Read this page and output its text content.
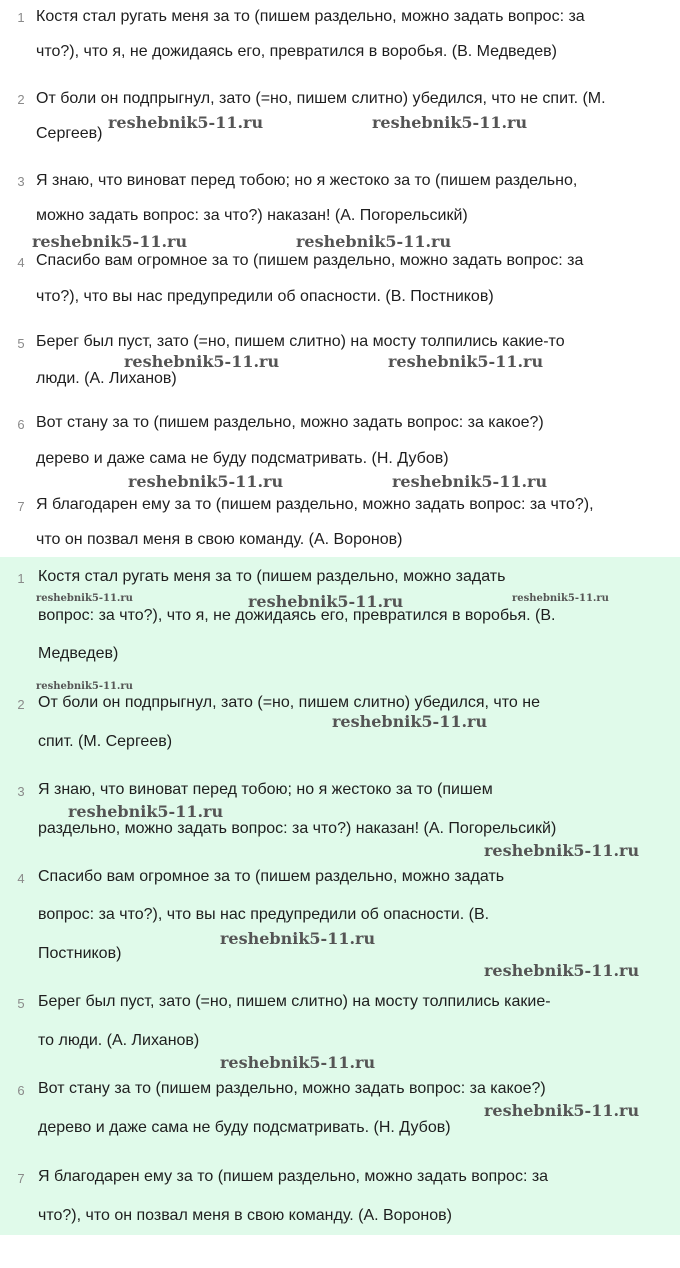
1 Костя стал ругать меня за то (пишем раздельно, можно задать вопрос: за
что?), что я, не дожидаясь его, превратился в воробья. (В. Медведев)
2 От боли он подпрыгнул, зато (=но, пишем слитно) убедился, что не спит. (М.
Сергеев)
3 Я знаю, что виноват перед тобою; но я жестоко за то (пишем раздельно,
можно задать вопрос: за что?) наказан! (А. Погорельсикй)
4 Спасибо вам огромное за то (пишем раздельно, можно задать вопрос: за
что?), что вы нас предупредили об опасности. (В. Постников)
5 Берег был пуст, зато (=но, пишем слитно) на мосту толпились какие-то
люди. (А. Лиханов)
6 Вот стану за то (пишем раздельно, можно задать вопрос: за какое?)
дерево и даже сама не буду подсматривать. (Н. Дубов)
7 Я благодарен ему за то (пишем раздельно, можно задать вопрос: за что?),
что он позвал меня в свою команду. (А. Воронов)
1 Костя стал ругать меня за то (пишем раздельно, можно задать
вопрос: за что?), что я, не дожидаясь его, превратился в воробья. (В.
Медведев)
2 От боли он подпрыгнул, зато (=но, пишем слитно) убедился, что не
спит. (М. Сергеев)
3 Я знаю, что виноват перед тобою; но я жестоко за то (пишем
раздельно, можно задать вопрос: за что?) наказан! (А. Погорельсикй)
4 Спасибо вам огромное за то (пишем раздельно, можно задать
вопрос: за что?), что вы нас предупредили об опасности. (В.
Постников)
5 Берег был пуст, зато (=но, пишем слитно) на мосту толпились какие-
то люди. (А. Лиханов)
6 Вот стану за то (пишем раздельно, можно задать вопрос: за какое?)
дерево и даже сама не буду подсматривать. (Н. Дубов)
7 Я благодарен ему за то (пишем раздельно, можно задать вопрос: за
что?), что он позвал меня в свою команду. (А. Воронов)
reshebnik5-11.ru	reshebnik5-11.ru
reshebnik5-11.ru	reshebnik5-11.ru
reshebnik5-11.ru	reshebnik5-11.ru
reshebnik5-11.ru	reshebnik5-11.ru
reshebnik5-11.ru	reshebnik5-11.ru	reshebnik5-11.ru
reshebnik5-11.ru
reshebnik5-11.ru
reshebnik5-11.ru
reshebnik5-11.ru
reshebnik5-11.ru
reshebnik5-11.ru
reshebnik5-11.ru
reshebnik5-11.ru
